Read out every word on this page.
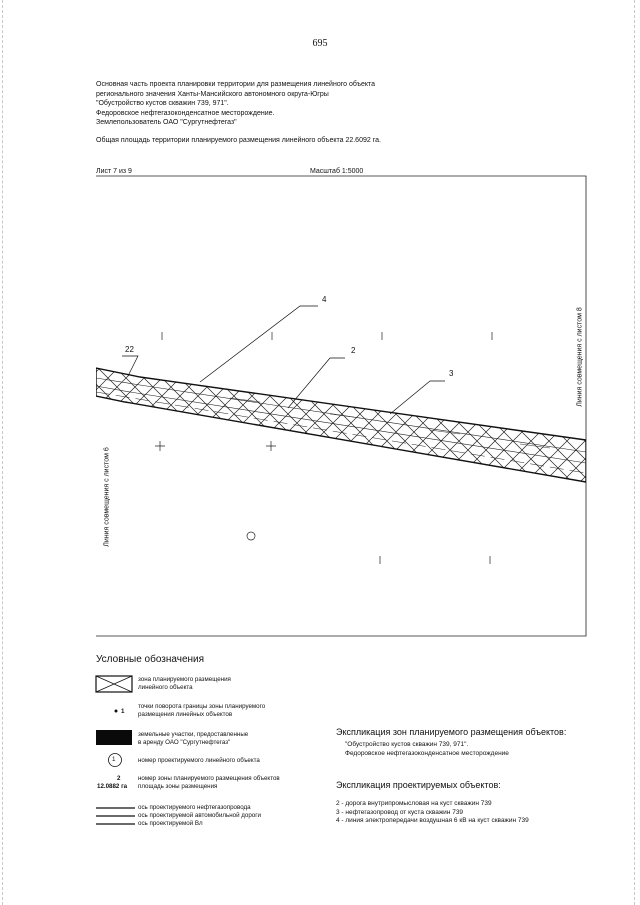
695
Основная часть проекта планировки территории для размещения линейного объекта
регионального значения Ханты-Мансийского автономного округа-Югры
"Обустройство кустов скважин 739, 971".
Федоровское нефтегазоконденсатное месторождение.
Землепользователь ОАО "Сургутнефтегаз"
Общая площадь территории планируемого размещения линейного объекта 22.6092 га.
Лист 7 из 9	Масштаб 1:5000
4
2
3
22
Линия совмещения с листом 6
Линия совмещения с листом 8
Условные обозначения
зона планируемого размещения
линейного объекта
1
точки поворота границы зоны планируемого
размещения линейных объектов
земельные участки, предоставленные
в аренду ОАО "Сургутнефтегаз"
1	номер проектируемого линейного объекта
2
12.0882 га
номер зоны планируемого размещения объектов
площадь зоны размещения
ось проектируемого нефтегазопровода
ось проектируемой автомобильной дороги
ось проектируемой Вл
Экспликация зон планируемого размещения объектов:
"Обустройство кустов скважин 739, 971".
Федоровское нефтегазоконденсатное месторождение
Экспликация проектируемых объектов:
2 - дорога внутрипромысловая на куст скважин 739
3 - нефтегазопровод от куста скважин 739
4 - линия электропередачи воздушная 6 кВ на куст скважин 739
